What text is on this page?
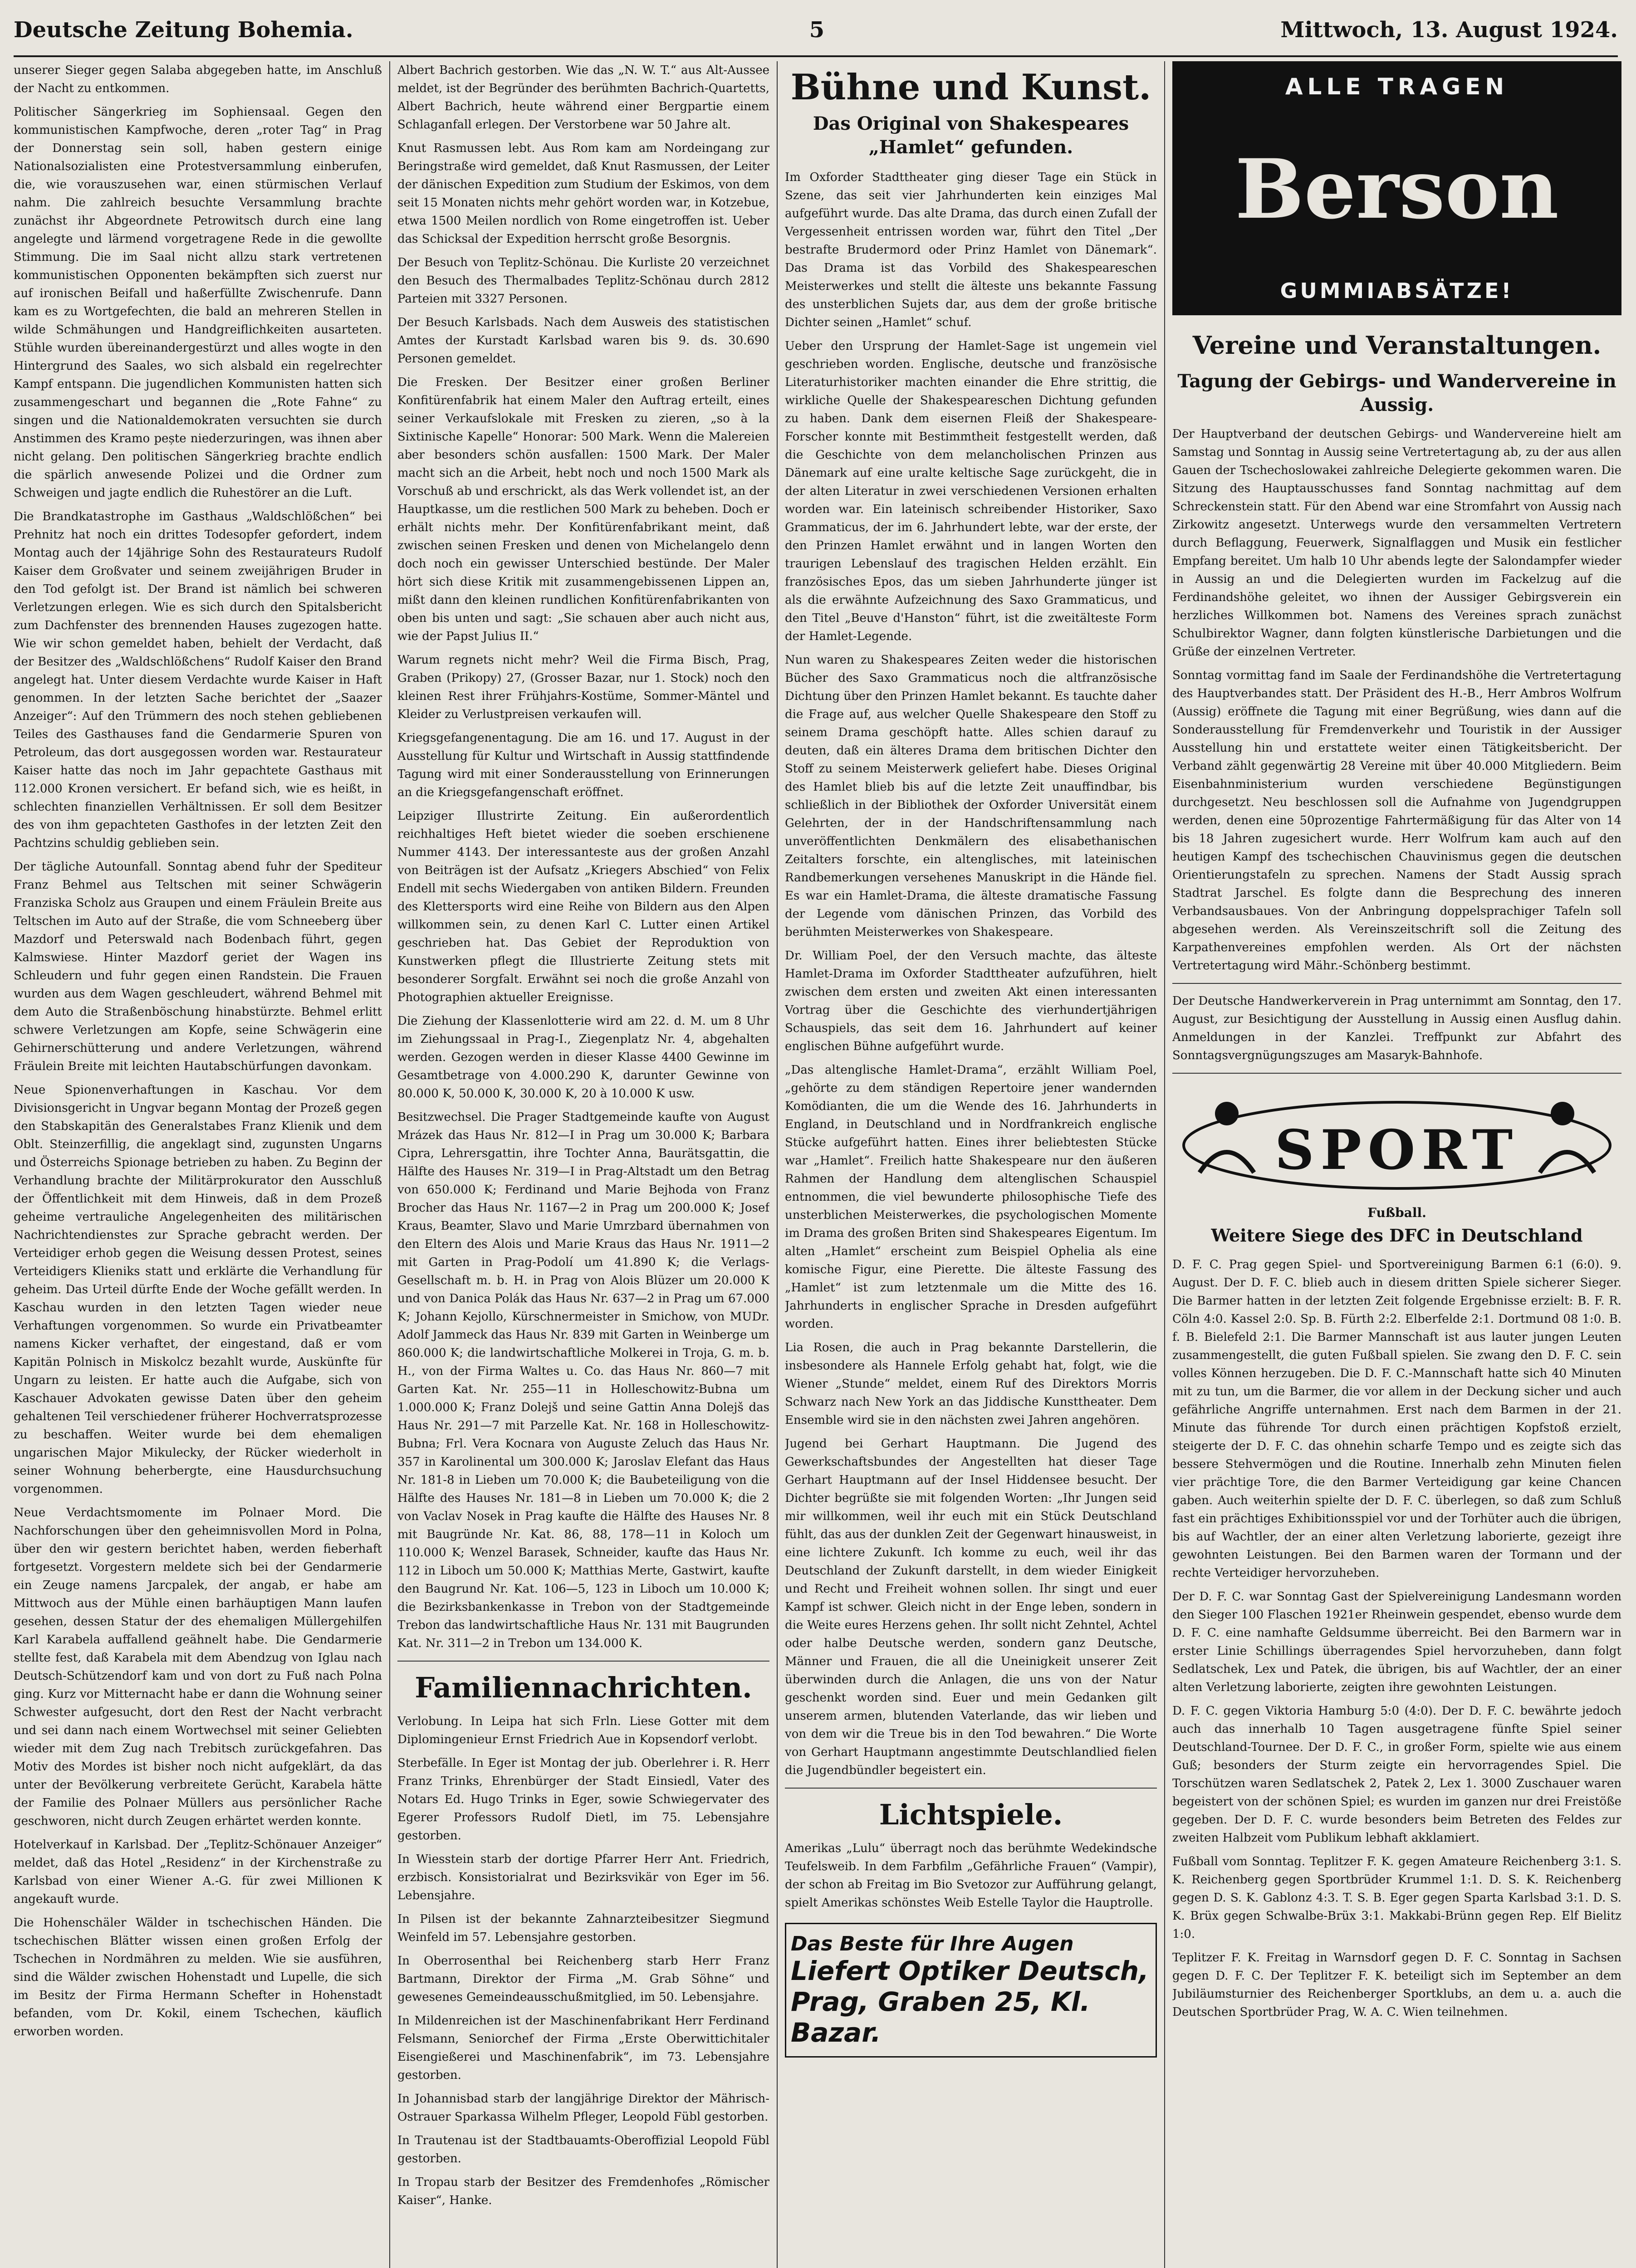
Deutsche Zeitung Bohemia.	5	Mittwoch, 13. August 1924.

unserer Sieger gegen Salaba abgegeben hatte, im Anschluß der Nacht zu entkommen.

Politischer Sängerkrieg im Sophiensaal. Gegen den kommunistischen Kampfwoche, deren „roter Tag“ in Prag der Donnerstag sein soll, haben gestern einige Nationalsozialisten eine Protestversammlung einberufen, die, wie vorauszusehen war, einen stürmischen Verlauf nahm. Die zahlreich besuchte Versammlung brachte zunächst ihr Abgeordnete Petrowitsch durch eine lang angelegte und lärmend vorgetragene Rede in die gewollte Stimmung. Die im Saal nicht allzu stark vertretenen kommunistischen Opponenten bekämpften sich zuerst nur auf ironischen Beifall und haßerfüllte Zwischenrufe. Dann kam es zu Wortgefechten, die bald an mehreren Stellen in wilde Schmähungen und Handgreiflichkeiten ausarteten. Stühle wurden übereinandergestürzt und alles wogte in den Hintergrund des Saales, wo sich alsbald ein regelrechter Kampf entspann. Die jugendlichen Kommunisten hatten sich zusammengeschart und begannen die „Rote Fahne“ zu singen und die Nationaldemokraten versuchten sie durch Anstimmen des Kramo pește niederzuringen, was ihnen aber nicht gelang. Den politischen Sängerkrieg brachte endlich die spärlich anwesende Polizei und die Ordner zum Schweigen und jagte endlich die Ruhestörer an die Luft.

Die Brandkatastrophe im Gasthaus „Waldschlößchen“ bei Prehnitz hat noch ein drittes Todesopfer gefordert, indem Montag auch der 14jährige Sohn des Restaurateurs Rudolf Kaiser dem Großvater und seinem zweijährigen Bruder in den Tod gefolgt ist. Der Brand ist nämlich bei schweren Verletzungen erlegen. Wie es sich durch den Spitalsbericht zum Dachfenster des brennenden Hauses zugezogen hatte. Wie wir schon gemeldet haben, behielt der Verdacht, daß der Besitzer des „Waldschlößchens“ Rudolf Kaiser den Brand angelegt hat. Unter diesem Verdachte wurde Kaiser in Haft genommen. In der letzten Sache berichtet der „Saazer Anzeiger“: Auf den Trümmern des noch stehen gebliebenen Teiles des Gasthauses fand die Gendarmerie Spuren von Petroleum, das dort ausgegossen worden war. Restaurateur Kaiser hatte das noch im Jahr gepachtete Gasthaus mit 112.000 Kronen versichert. Er befand sich, wie es heißt, in schlechten finanziellen Verhältnissen. Er soll dem Besitzer des von ihm gepachteten Gasthofes in der letzten Zeit den Pachtzins schuldig geblieben sein.

Der tägliche Autounfall. Sonntag abend fuhr der Spediteur Franz Behmel aus Teltschen mit seiner Schwägerin Franziska Scholz aus Graupen und einem Fräulein Breite aus Teltschen im Auto auf der Straße, die vom Schneeberg über Mazdorf und Peterswald nach Bodenbach führt, gegen Kalmswiese. Hinter Mazdorf geriet der Wagen ins Schleudern und fuhr gegen einen Randstein. Die Frauen wurden aus dem Wagen geschleudert, während Behmel mit dem Auto die Straßenböschung hinabstürzte. Behmel erlitt schwere Verletzungen am Kopfe, seine Schwägerin eine Gehirnerschütterung und andere Verletzungen, während Fräulein Breite mit leichten Hautabschürfungen davonkam.

Neue Spionenverhaftungen in Kaschau. Vor dem Divisionsgericht in Ungvar begann Montag der Prozeß gegen den Stabskapitän des Generalstabes Franz Klienik und dem Oblt. Steinzerfillig, die angeklagt sind, zugunsten Ungarns und Österreichs Spionage betrieben zu haben. Zu Beginn der Verhandlung brachte der Militärprokurator den Ausschluß der Öffentlichkeit mit dem Hinweis, daß in dem Prozeß geheime vertrauliche Angelegenheiten des militärischen Nachrichtendienstes zur Sprache gebracht werden. Der Verteidiger erhob gegen die Weisung dessen Protest, seines Verteidigers Klieniks statt und erklärte die Verhandlung für geheim. Das Urteil dürfte Ende der Woche gefällt werden. In Kaschau wurden in den letzten Tagen wieder neue Verhaftungen vorgenommen. So wurde ein Privatbeamter namens Kicker verhaftet, der eingestand, daß er vom Kapitän Polnisch in Miskolcz bezahlt wurde, Auskünfte für Ungarn zu leisten. Er hatte auch die Aufgabe, sich von Kaschauer Advokaten gewisse Daten über den geheim gehaltenen Teil verschiedener früherer Hochverratsprozesse zu beschaffen. Weiter wurde bei dem ehemaligen ungarischen Major Mikulecky, der Rücker wiederholt in seiner Wohnung beherbergte, eine Hausdurchsuchung vorgenommen.

Neue Verdachtsmomente im Polnaer Mord. Die Nachforschungen über den geheimnisvollen Mord in Polna, über den wir gestern berichtet haben, werden fieberhaft fortgesetzt. Vorgestern meldete sich bei der Gendarmerie ein Zeuge namens Jarcpalek, der angab, er habe am Mittwoch aus der Mühle einen barhäuptigen Mann laufen gesehen, dessen Statur der des ehemaligen Müllergehilfen Karl Karabela auffallend geähnelt habe. Die Gendarmerie stellte fest, daß Karabela mit dem Abendzug von Iglau nach Deutsch-Schützendorf kam und von dort zu Fuß nach Polna ging. Kurz vor Mitternacht habe er dann die Wohnung seiner Schwester aufgesucht, dort den Rest der Nacht verbracht und sei dann nach einem Wortwechsel mit seiner Geliebten wieder mit dem Zug nach Trebitsch zurückgefahren. Das Motiv des Mordes ist bisher noch nicht aufgeklärt, da das unter der Bevölkerung verbreitete Gerücht, Karabela hätte der Familie des Polnaer Müllers aus persönlicher Rache geschworen, nicht durch Zeugen erhärtet werden konnte.

Hotelverkauf in Karlsbad. Der „Teplitz-Schönauer Anzeiger“ meldet, daß das Hotel „Residenz“ in der Kirchenstraße zu Karlsbad von einer Wiener A.-G. für zwei Millionen K angekauft wurde.

Die Hohenschäler Wälder in tschechischen Händen. Die tschechischen Blätter wissen einen großen Erfolg der Tschechen in Nordmähren zu melden. Wie sie ausführen, sind die Wälder zwischen Hohenstadt und Lupelle, die sich im Besitz der Firma Hermann Schefter in Hohenstadt befanden, vom Dr. Kokil, einem Tschechen, käuflich erworben worden.

Albert Bachrich gestorben. Wie das „N. W. T.“ aus Alt-Aussee meldet, ist der Begründer des berühmten Bachrich-Quartetts, Albert Bachrich, heute während einer Bergpartie einem Schlaganfall erlegen. Der Verstorbene war 50 Jahre alt.

Knut Rasmussen lebt. Aus Rom kam am Nordeingang zur Beringstraße wird gemeldet, daß Knut Rasmussen, der Leiter der dänischen Expedition zum Studium der Eskimos, von dem seit 15 Monaten nichts mehr gehört worden war, in Kotzebue, etwa 1500 Meilen nordlich von Rome eingetroffen ist. Ueber das Schicksal der Expedition herrscht große Besorgnis.

Der Besuch von Teplitz-Schönau. Die Kurliste 20 verzeichnet den Besuch des Thermalbades Teplitz-Schönau durch 2812 Parteien mit 3327 Personen.

Der Besuch Karlsbads. Nach dem Ausweis des statistischen Amtes der Kurstadt Karlsbad waren bis 9. ds. 30.690 Personen gemeldet.

Die Fresken. Der Besitzer einer großen Berliner Konfitürenfabrik hat einem Maler den Auftrag erteilt, eines seiner Verkaufslokale mit Fresken zu zieren, „so à la Sixtinische Kapelle“ Honorar: 500 Mark. Wenn die Malereien aber besonders schön ausfallen: 1500 Mark. Der Maler macht sich an die Arbeit, hebt noch und noch 1500 Mark als Vorschuß ab und erschrickt, als das Werk vollendet ist, an der Hauptkasse, um die restlichen 500 Mark zu beheben. Doch er erhält nichts mehr. Der Konfitürenfabrikant meint, daß zwischen seinen Fresken und denen von Michelangelo denn doch noch ein gewisser Unterschied bestünde. Der Maler hört sich diese Kritik mit zusammengebissenen Lippen an, mißt dann den kleinen rundlichen Konfitürenfabrikanten von oben bis unten und sagt: „Sie schauen aber auch nicht aus, wie der Papst Julius II.“

Warum regnets nicht mehr? Weil die Firma Bisch, Prag, Graben (Prikopy) 27, (Grosser Bazar, nur 1. Stock) noch den kleinen Rest ihrer Frühjahrs-Kostüme, Sommer-Mäntel und Kleider zu Verlustpreisen verkaufen will.

Kriegsgefangenentagung. Die am 16. und 17. August in der Ausstellung für Kultur und Wirtschaft in Aussig stattfindende Tagung wird mit einer Sonderausstellung von Erinnerungen an die Kriegsgefangenschaft eröffnet.

Leipziger Illustrirte Zeitung. Ein außerordentlich reichhaltiges Heft bietet wieder die soeben erschienene Nummer 4143. Der interessanteste aus der großen Anzahl von Beiträgen ist der Aufsatz „Kriegers Abschied“ von Felix Endell mit sechs Wiedergaben von antiken Bildern. Freunden des Klettersports wird eine Reihe von Bildern aus den Alpen willkommen sein, zu denen Karl C. Lutter einen Artikel geschrieben hat. Das Gebiet der Reproduktion von Kunstwerken pflegt die Illustrierte Zeitung stets mit besonderer Sorgfalt. Erwähnt sei noch die große Anzahl von Photographien aktueller Ereignisse.

Die Ziehung der Klassenlotterie wird am 22. d. M. um 8 Uhr im Ziehungssaal in Prag-I., Ziegenplatz Nr. 4, abgehalten werden. Gezogen werden in dieser Klasse 4400 Gewinne im Gesamtbetrage von 4.000.290 K, darunter Gewinne von 80.000 K, 50.000 K, 30.000 K, 20 à 10.000 K usw.

Besitzwechsel. Die Prager Stadtgemeinde kaufte von August Mrázek das Haus Nr. 812—I in Prag um 30.000 K; Barbara Cipra, Lehrersgattin, ihre Tochter Anna, Baurätsgattin, die Hälfte des Hauses Nr. 319—I in Prag-Altstadt um den Betrag von 650.000 K; Ferdinand und Marie Bejhoda von Franz Brocher das Haus Nr. 1167—2 in Prag um 200.000 K; Josef Kraus, Beamter, Slavo und Marie Umrzbard übernahmen von den Eltern des Alois und Marie Kraus das Haus Nr. 1911—2 mit Garten in Prag-Podolí um 41.890 K; die Verlags-Gesellschaft m. b. H. in Prag von Alois Blüzer um 20.000 K und von Danica Polák das Haus Nr. 637—2 in Prag um 67.000 K; Johann Kejollo, Kürschnermeister in Smichow, von MUDr. Adolf Jammeck das Haus Nr. 839 mit Garten in Weinberge um 860.000 K; die landwirtschaftliche Molkerei in Troja, G. m. b. H., von der Firma Waltes u. Co. das Haus Nr. 860—7 mit Garten Kat. Nr. 255—11 in Holleschowitz-Bubna um 1.000.000 K; Franz Dolejš und seine Gattin Anna Dolejš das Haus Nr. 291—7 mit Parzelle Kat. Nr. 168 in Holleschowitz-Bubna; Frl. Vera Kocnara von Auguste Zeluch das Haus Nr. 357 in Karolinental um 300.000 K; Jaroslav Elefant das Haus Nr. 181-8 in Lieben um 70.000 K; die Baubeteiligung von die Hälfte des Hauses Nr. 181—8 in Lieben um 70.000 K; die 2 von Vaclav Nosek in Prag kaufte die Hälfte des Hauses Nr. 8 mit Baugründe Nr. Kat. 86, 88, 178—11 in Koloch um 110.000 K; Wenzel Barasek, Schneider, kaufte das Haus Nr. 112 in Liboch um 50.000 K; Matthias Merte, Gastwirt, kaufte den Baugrund Nr. Kat. 106—5, 123 in Liboch um 10.000 K; die Bezirksbankenkasse in Trebon von der Stadtgemeinde Trebon das landwirtschaftliche Haus Nr. 131 mit Baugrunden Kat. Nr. 311—2 in Trebon um 134.000 K.

Familiennachrichten.

Verlobung. In Leipa hat sich Frln. Liese Gotter mit dem Diplomingenieur Ernst Friedrich Aue in Kopsendorf verlobt.

Sterbefälle. In Eger ist Montag der jub. Oberlehrer i. R. Herr Franz Trinks, Ehrenbürger der Stadt Einsiedl, Vater des Notars Ed. Hugo Trinks in Eger, sowie Schwiegervater des Egerer Professors Rudolf Dietl, im 75. Lebensjahre gestorben.

In Wiesstein starb der dortige Pfarrer Herr Ant. Friedrich, erzbisch. Konsistorialrat und Bezirksvikär von Eger im 56. Lebensjahre.

In Pilsen ist der bekannte Zahnarzteibesitzer Siegmund Weinfeld im 57. Lebensjahre gestorben.

In Oberrosenthal bei Reichenberg starb Herr Franz Bartmann, Direktor der Firma „M. Grab Söhne“ und gewesenes Gemeindeausschußmitglied, im 50. Lebensjahre.

In Mildenreichen ist der Maschinenfabrikant Herr Ferdinand Felsmann, Seniorchef der Firma „Erste Oberwittichitaler Eisengießerei und Maschinenfabrik“, im 73. Lebensjahre gestorben.

In Johannisbad starb der langjährige Direktor der Mährisch-Ostrauer Sparkassa Wilhelm Pfleger, Leopold Fübl gestorben.

In Trautenau ist der Stadtbauamts-Oberoffizial Leopold Fübl gestorben.

In Tropau starb der Besitzer des Fremdenhofes „Römischer Kaiser“, Hanke.

Bühne und Kunst.
Das Original von Shakespeares „Hamlet“ gefunden.

Im Oxforder Stadttheater ging dieser Tage ein Stück in Szene, das seit vier Jahrhunderten kein einziges Mal aufgeführt wurde. Das alte Drama, das durch einen Zufall der Vergessenheit entrissen worden war, führt den Titel „Der bestrafte Brudermord oder Prinz Hamlet von Dänemark“. Das Drama ist das Vorbild des Shakespeareschen Meisterwerkes und stellt die älteste uns bekannte Fassung des unsterblichen Sujets dar, aus dem der große britische Dichter seinen „Hamlet“ schuf.

Ueber den Ursprung der Hamlet-Sage ist ungemein viel geschrieben worden. Englische, deutsche und französische Literaturhistoriker machten einander die Ehre strittig, die wirkliche Quelle der Shakespeareschen Dichtung gefunden zu haben. Dank dem eisernen Fleiß der Shakespeare-Forscher konnte mit Bestimmtheit festgestellt werden, daß die Geschichte von dem melancholischen Prinzen aus Dänemark auf eine uralte keltische Sage zurückgeht, die in der alten Literatur in zwei verschiedenen Versionen erhalten worden war. Ein lateinisch schreibender Historiker, Saxo Grammaticus, der im 6. Jahrhundert lebte, war der erste, der den Prinzen Hamlet erwähnt und in langen Worten den traurigen Lebenslauf des tragischen Helden erzählt. Ein französisches Epos, das um sieben Jahrhunderte jünger ist als die erwähnte Aufzeichnung des Saxo Grammaticus, und den Titel „Beuve d'Hanston“ führt, ist die zweitälteste Form der Hamlet-Legende.

Nun waren zu Shakespeares Zeiten weder die historischen Bücher des Saxo Grammaticus noch die altfranzösische Dichtung über den Prinzen Hamlet bekannt. Es tauchte daher die Frage auf, aus welcher Quelle Shakespeare den Stoff zu seinem Drama geschöpft hatte. Alles schien darauf zu deuten, daß ein älteres Drama dem britischen Dichter den Stoff zu seinem Meisterwerk geliefert habe. Dieses Original des Hamlet blieb bis auf die letzte Zeit unauffindbar, bis schließlich in der Bibliothek der Oxforder Universität einem Gelehrten, der in der Handschriftensammlung nach unveröffentlichten Denkmälern des elisabethanischen Zeitalters forschte, ein altenglisches, mit lateinischen Randbemerkungen versehenes Manuskript in die Hände fiel. Es war ein Hamlet-Drama, die älteste dramatische Fassung der Legende vom dänischen Prinzen, das Vorbild des berühmten Meisterwerkes von Shakespeare.

Dr. William Poel, der den Versuch machte, das älteste Hamlet-Drama im Oxforder Stadttheater aufzuführen, hielt zwischen dem ersten und zweiten Akt einen interessanten Vortrag über die Geschichte des vierhundertjährigen Schauspiels, das seit dem 16. Jahrhundert auf keiner englischen Bühne aufgeführt wurde.

„Das altenglische Hamlet-Drama“, erzählt William Poel, „gehörte zu dem ständigen Repertoire jener wandernden Komödianten, die um die Wende des 16. Jahrhunderts in England, in Deutschland und in Nordfrankreich englische Stücke aufgeführt hatten. Eines ihrer beliebtesten Stücke war „Hamlet“. Freilich hatte Shakespeare nur den äußeren Rahmen der Handlung dem altenglischen Schauspiel entnommen, die viel bewunderte philosophische Tiefe des unsterblichen Meisterwerkes, die psychologischen Momente im Drama des großen Briten sind Shakespeares Eigentum. Im alten „Hamlet“ erscheint zum Beispiel Ophelia als eine komische Figur, eine Pierette. Die älteste Fassung des „Hamlet“ ist zum letztenmale um die Mitte des 16. Jahrhunderts in englischer Sprache in Dresden aufgeführt worden.

Lia Rosen, die auch in Prag bekannte Darstellerin, die insbesondere als Hannele Erfolg gehabt hat, folgt, wie die Wiener „Stunde“ meldet, einem Ruf des Direktors Morris Schwarz nach New York an das Jiddische Kunsttheater. Dem Ensemble wird sie in den nächsten zwei Jahren angehören.

Jugend bei Gerhart Hauptmann. Die Jugend des Gewerkschaftsbundes der Angestellten hat dieser Tage Gerhart Hauptmann auf der Insel Hiddensee besucht. Der Dichter begrüßte sie mit folgenden Worten: „Ihr Jungen seid mir willkommen, weil ihr euch mit ein Stück Deutschland fühlt, das aus der dunklen Zeit der Gegenwart hinausweist, in eine lichtere Zukunft. Ich komme zu euch, weil ihr das Deutschland der Zukunft darstellt, in dem wieder Einigkeit und Recht und Freiheit wohnen sollen. Ihr singt und euer Kampf ist schwer. Gleich nicht in der Enge leben, sondern in die Weite eures Herzens gehen. Ihr sollt nicht Zehntel, Achtel oder halbe Deutsche werden, sondern ganz Deutsche, Männer und Frauen, die all die Uneinigkeit unserer Zeit überwinden durch die Anlagen, die uns von der Natur geschenkt worden sind. Euer und mein Gedanken gilt unserem armen, blutenden Vaterlande, das wir lieben und von dem wir die Treue bis in den Tod bewahren.“ Die Worte von Gerhart Hauptmann angestimmte Deutschlandlied fielen die Jugendbündler begeistert ein.

Lichtspiele.

Amerikas „Lulu“ überragt noch das berühmte Wedekindsche Teufelsweib. In dem Farbfilm „Gefährliche Frauen“ (Vampir), der schon ab Freitag im Bio Svetozor zur Aufführung gelangt, spielt Amerikas schönstes Weib Estelle Taylor die Hauptrolle.

Das Beste für Ihre Augen
Liefert Optiker Deutsch, Prag, Graben 25, Kl. Bazar.
ALLE TRAGEN
Berson
GUMMIABSÄTZE!
Vereine und Veranstaltungen.
Tagung der Gebirgs- und Wandervereine in Aussig.

Der Hauptverband der deutschen Gebirgs- und Wandervereine hielt am Samstag und Sonntag in Aussig seine Vertretertagung ab, zu der aus allen Gauen der Tschechoslowakei zahlreiche Delegierte gekommen waren. Die Sitzung des Hauptausschusses fand Sonntag nachmittag auf dem Schreckenstein statt. Für den Abend war eine Stromfahrt von Aussig nach Zirkowitz angesetzt. Unterwegs wurde den versammelten Vertretern durch Beflaggung, Feuerwerk, Signalflaggen und Musik ein festlicher Empfang bereitet. Um halb 10 Uhr abends legte der Salondampfer wieder in Aussig an und die Delegierten wurden im Fackelzug auf die Ferdinandshöhe geleitet, wo ihnen der Aussiger Gebirgsverein ein herzliches Willkommen bot. Namens des Vereines sprach zunächst Schulbirektor Wagner, dann folgten künstlerische Darbietungen und die Grüße der einzelnen Vertreter.

Sonntag vormittag fand im Saale der Ferdinandshöhe die Vertretertagung des Hauptverbandes statt. Der Präsident des H.-B., Herr Ambros Wolfrum (Aussig) eröffnete die Tagung mit einer Begrüßung, wies dann auf die Sonderausstellung für Fremdenverkehr und Touristik in der Aussiger Ausstellung hin und erstattete weiter einen Tätigkeitsbericht. Der Verband zählt gegenwärtig 28 Vereine mit über 40.000 Mitgliedern. Beim Eisenbahnministerium wurden verschiedene Begünstigungen durchgesetzt. Neu beschlossen soll die Aufnahme von Jugendgruppen werden, denen eine 50prozentige Fahrtermäßigung für das Alter von 14 bis 18 Jahren zugesichert wurde. Herr Wolfrum kam auch auf den heutigen Kampf des tschechischen Chauvinismus gegen die deutschen Orientierungstafeln zu sprechen. Namens der Stadt Aussig sprach Stadtrat Jarschel. Es folgte dann die Besprechung des inneren Verbandsausbaues. Von der Anbringung doppelsprachiger Tafeln soll abgesehen werden. Als Vereinszeitschrift soll die Zeitung des Karpathenvereines empfohlen werden. Als Ort der nächsten Vertretertagung wird Mähr.-Schönberg bestimmt.

Der Deutsche Handwerkerverein in Prag unternimmt am Sonntag, den 17. August, zur Besichtigung der Ausstellung in Aussig einen Ausflug dahin. Anmeldungen in der Kanzlei. Treffpunkt zur Abfahrt des Sonntagsvergnügungszuges am Masaryk-Bahnhofe.

SPORT
Fußball.
Weitere Siege des DFC in Deutschland

D. F. C. Prag gegen Spiel- und Sportvereinigung Barmen 6:1 (6:0). 9. August. Der D. F. C. blieb auch in diesem dritten Spiele sicherer Sieger. Die Barmer hatten in der letzten Zeit folgende Ergebnisse erzielt: B. F. R. Cöln 4:0. Kassel 2:0. Sp. B. Fürth 2:2. Elberfelde 2:1. Dortmund 08 1:0. B. f. B. Bielefeld 2:1. Die Barmer Mannschaft ist aus lauter jungen Leuten zusammengestellt, die guten Fußball spielen. Sie zwang den D. F. C. sein volles Können herzugeben. Die D. F. C.-Mannschaft hatte sich 40 Minuten mit zu tun, um die Barmer, die vor allem in der Deckung sicher und auch gefährliche Angriffe unternahmen. Erst nach dem Barmen in der 21. Minute das führende Tor durch einen prächtigen Kopfstoß erzielt, steigerte der D. F. C. das ohnehin scharfe Tempo und es zeigte sich das bessere Stehvermögen und die Routine. Innerhalb zehn Minuten fielen vier prächtige Tore, die den Barmer Verteidigung gar keine Chancen gaben. Auch weiterhin spielte der D. F. C. überlegen, so daß zum Schluß fast ein prächtiges Exhibitionsspiel vor und der Torhüter auch die übrigen, bis auf Wachtler, der an einer alten Verletzung laborierte, gezeigt ihre gewohnten Leistungen. Bei den Barmen waren der Tormann und der rechte Verteidiger hervorzuheben.

Der D. F. C. war Sonntag Gast der Spielvereinigung Landesmann worden den Sieger 100 Flaschen 1921er Rheinwein gespendet, ebenso wurde dem D. F. C. eine namhafte Geldsumme überreicht. Bei den Barmern war in erster Linie Schillings überragendes Spiel hervorzuheben, dann folgt Sedlatschek, Lex und Patek, die übrigen, bis auf Wachtler, der an einer alten Verletzung laborierte, zeigten ihre gewohnten Leistungen.

D. F. C. gegen Viktoria Hamburg 5:0 (4:0). Der D. F. C. bewährte jedoch auch das innerhalb 10 Tagen ausgetragene fünfte Spiel seiner Deutschland-Tournee. Der D. F. C., in großer Form, spielte wie aus einem Guß; besonders der Sturm zeigte ein hervorragendes Spiel. Die Torschützen waren Sedlatschek 2, Patek 2, Lex 1. 3000 Zuschauer waren begeistert von der schönen Spiel; es wurden im ganzen nur drei Freistöße gegeben. Der D. F. C. wurde besonders beim Betreten des Feldes zur zweiten Halbzeit vom Publikum lebhaft akklamiert.

Fußball vom Sonntag. Teplitzer F. K. gegen Amateure Reichenberg 3:1. S. K. Reichenberg gegen Sportbrüder Krummel 1:1. D. S. K. Reichenberg gegen D. S. K. Gablonz 4:3. T. S. B. Eger gegen Sparta Karlsbad 3:1. D. S. K. Brüx gegen Schwalbe-Brüx 3:1. Makkabi-Brünn gegen Rep. Elf Bielitz 1:0.

Teplitzer F. K. Freitag in Warnsdorf gegen D. F. C. Sonntag in Sachsen gegen D. F. C. Der Teplitzer F. K. beteiligt sich im September an dem Jubiläumsturnier des Reichenberger Sportklubs, an dem u. a. auch die Deutschen Sportbrüder Prag, W. A. C. Wien teilnehmen.
